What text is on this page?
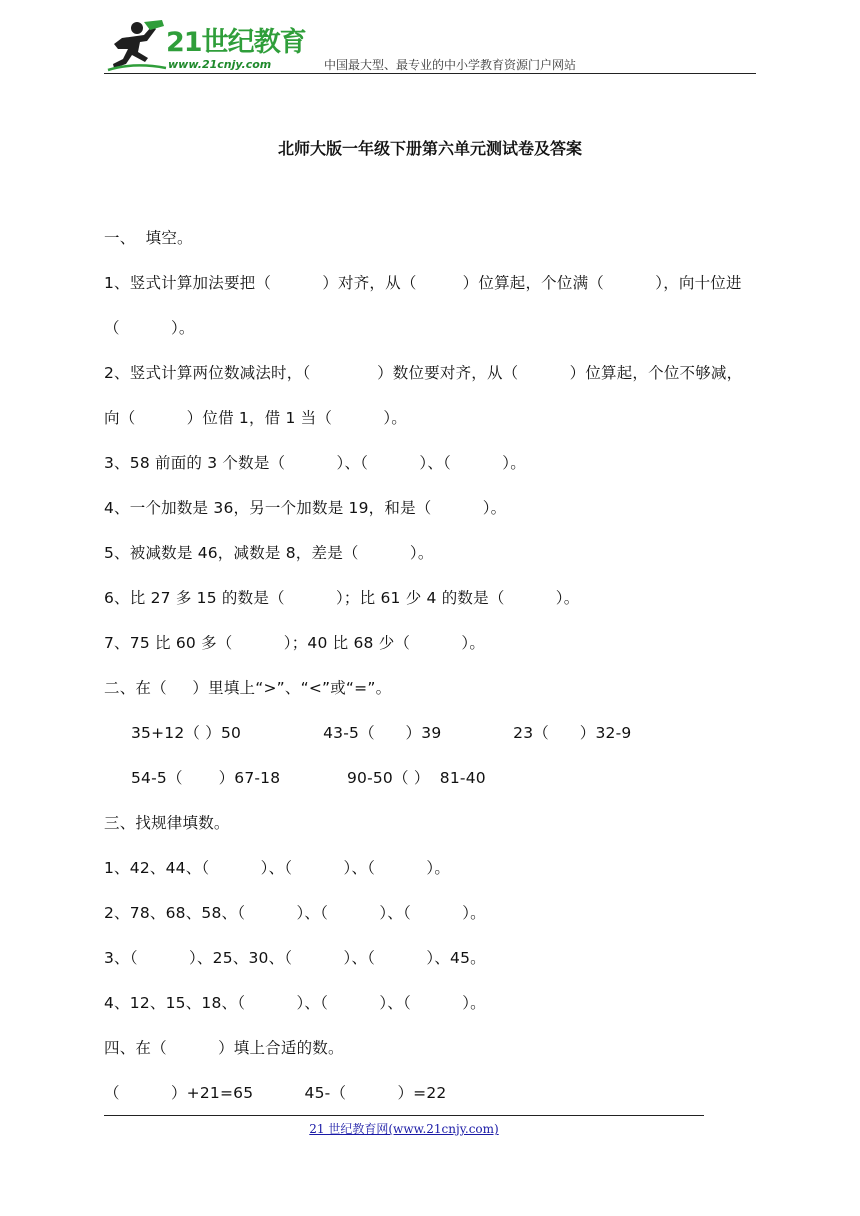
21世纪教育
www.21cnjy.com	中国最大型、最专业的中小学教育资源门户网站
北师大版一年级下册第六单元测试卷及答案
一、  填空。
1、竖式计算加法要把（          ）对齐，从（         ）位算起，个位满（          ），向十位进
（          ）。
2、竖式计算两位数减法时，（             ）数位要对齐，从（          ）位算起，个位不够减，
向（          ）位借 1，借 1 当（          ）。
3、58 前面的 3 个数是（          ）、（          ）、（          ）。
4、一个加数是 36，另一个加数是 19，和是（          ）。
5、被减数是 46，减数是 8，差是（          ）。
6、比 27 多 15 的数是（          ）；比 61 少 4 的数是（          ）。
7、75 比 60 多（          ）；40 比 68 少（          ）。
二、在（     ）里填上“>”、“<”或“=”。
35+12（ ）50                43-5（      ）39              23（      ）32-9
54-5（       ）67-18             90-50（ ）  81-40
三、找规律填数。
1、42、44、（          ）、（          ）、（          ）。
2、78、68、58、（          ）、（          ）、（          ）。
3、（          ）、25、30、（          ）、（          ）、45。
4、12、15、18、（          ）、（          ）、（          ）。
四、在（          ）填上合适的数。
（          ）+21=65          45-（          ）=22
21 世纪教育网(www.21cnjy.com)
